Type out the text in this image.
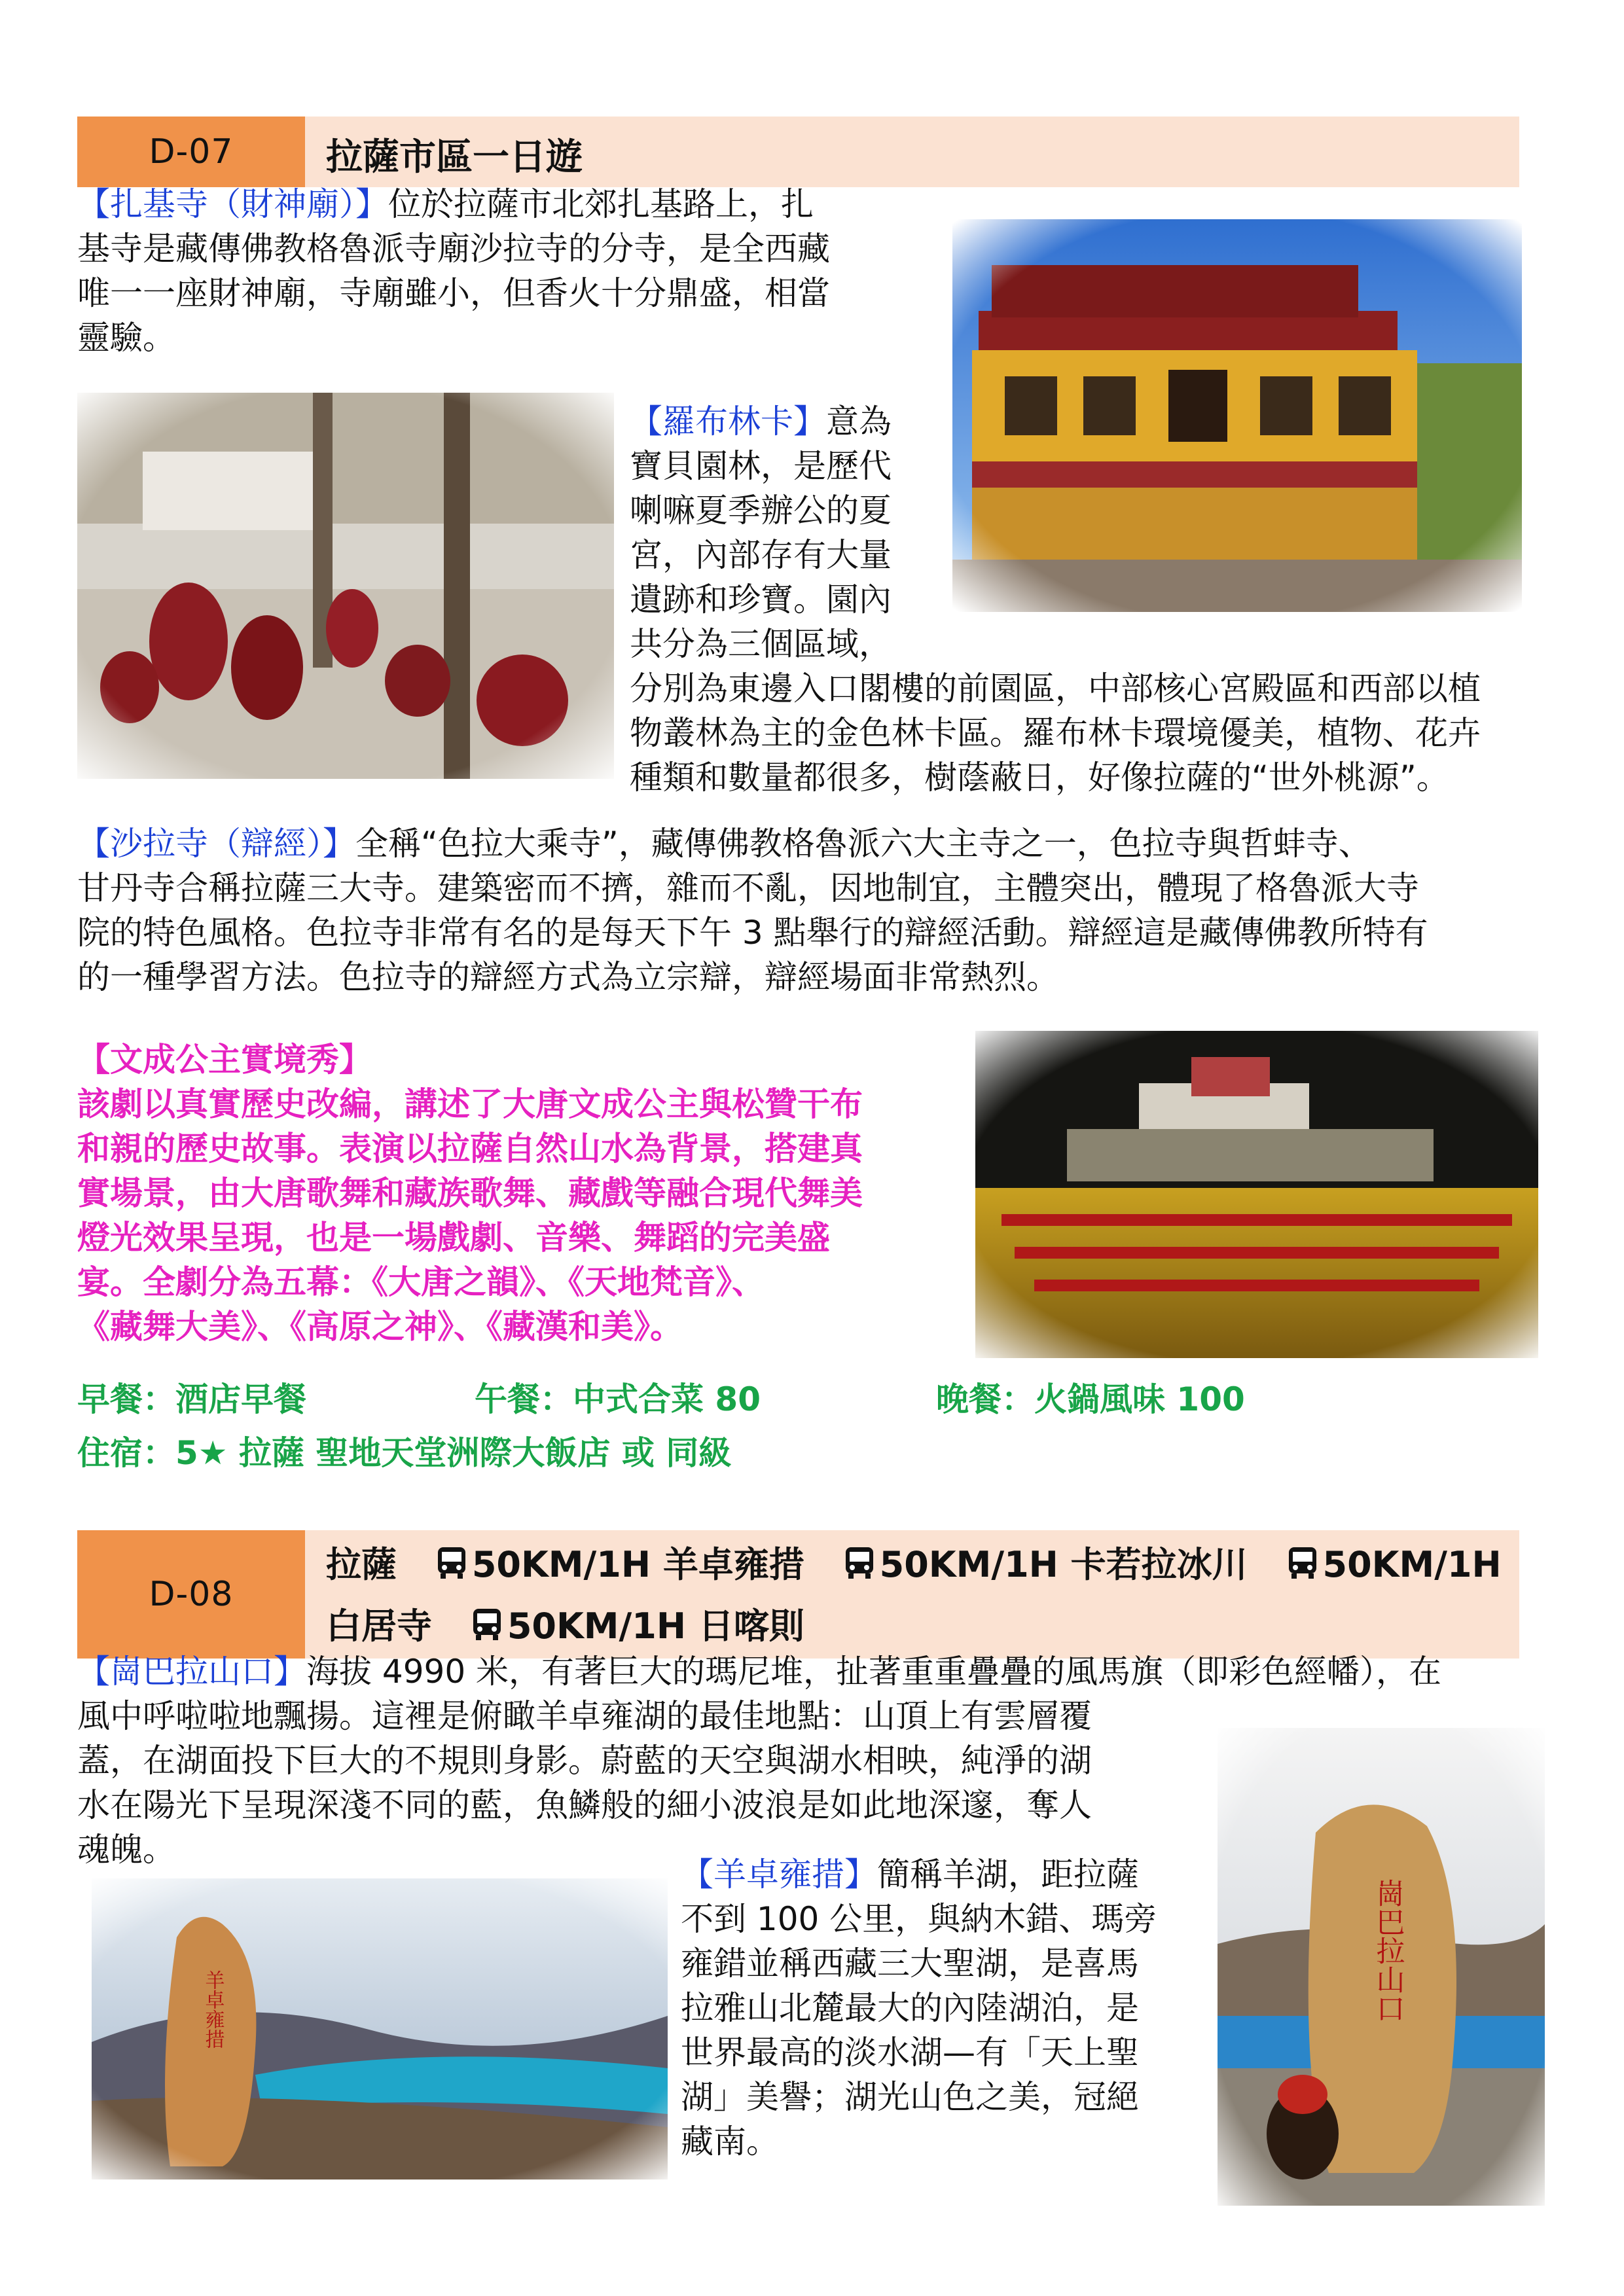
D-07	拉薩市區一日遊
【扎基寺（財神廟）】位於拉薩市北郊扎基路上，扎
基寺是藏傳佛教格魯派寺廟沙拉寺的分寺，是全西藏
唯一一座財神廟，寺廟雖小，但香火十分鼎盛，相當
靈驗。
【羅布林卡】意為
寶貝園林，是歷代
喇嘛夏季辦公的夏
宮，內部存有大量
遺跡和珍寶。園內
共分為三個區域，
分別為東邊入口閣樓的前園區，中部核心宮殿區和西部以植
物叢林為主的金色林卡區。羅布林卡環境優美，植物、花卉
種類和數量都很多，樹蔭蔽日，好像拉薩的“世外桃源”。
【沙拉寺（辯經）】全稱“色拉大乘寺”，藏傳佛教格魯派六大主寺之一，色拉寺與哲蚌寺、
甘丹寺合稱拉薩三大寺。建築密而不擠，雜而不亂，因地制宜，主體突出，體現了格魯派大寺
院的特色風格。色拉寺非常有名的是每天下午 3 點舉行的辯經活動。辯經這是藏傳佛教所特有
的一種學習方法。色拉寺的辯經方式為立宗辯，辯經場面非常熱烈。
【文成公主實境秀】
該劇以真實歷史改編，講述了大唐文成公主與松贊干布
和親的歷史故事。表演以拉薩自然山水為背景，搭建真
實場景，由大唐歌舞和藏族歌舞、藏戲等融合現代舞美
燈光效果呈現，也是一場戲劇、音樂、舞蹈的完美盛
宴。全劇分為五幕：《大唐之韻》、《天地梵音》、
《藏舞大美》、《高原之神》、《藏漢和美》。
早餐：酒店早餐	午餐：中式合菜 80	晚餐：火鍋風味 100
住宿：5★ 拉薩 聖地天堂洲際大飯店 或 同級
D-08
拉薩 50KM/1H 羊卓雍措 50KM/1H 卡若拉冰川 50KM/1H
白居寺 50KM/1H 日喀則
【崗巴拉山口】海拔 4990 米，有著巨大的瑪尼堆，扯著重重疊疊的風馬旗（即彩色經幡），在
風中呼啦啦地飄揚。這裡是俯瞰羊卓雍湖的最佳地點：山頂上有雲層覆
蓋，在湖面投下巨大的不規則身影。蔚藍的天空與湖水相映，純淨的湖
水在陽光下呈現深淺不同的藍，魚鱗般的細小波浪是如此地深邃，奪人
魂魄。
【羊卓雍措】簡稱羊湖，距拉薩
不到 100 公里，與納木錯、瑪旁
雍錯並稱西藏三大聖湖，是喜馬
拉雅山北麓最大的內陸湖泊，是
世界最高的淡水湖—有「天上聖
湖」美譽；湖光山色之美，冠絕
藏南。
